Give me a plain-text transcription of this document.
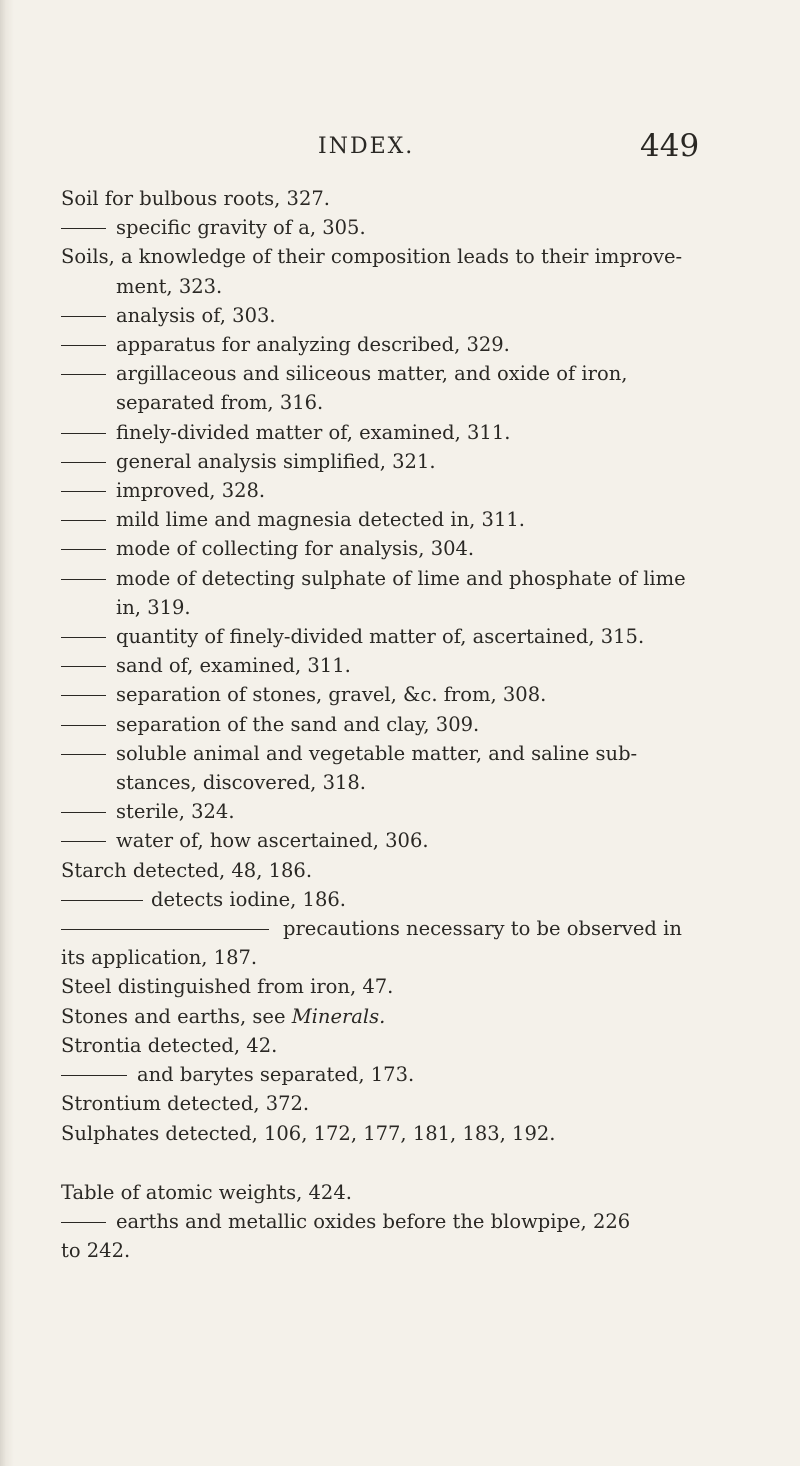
INDEX.	449
Soil for bulbous roots, 327.
specific gravity of a, 305.
Soils, a knowledge of their composition leads to their improve-
ment, 323.
analysis of, 303.
apparatus for analyzing described, 329.
argillaceous and siliceous matter, and oxide of iron,
separated from, 316.
finely-divided matter of, examined, 311.
general analysis simplified, 321.
improved, 328.
mild lime and magnesia detected in, 311.
mode of collecting for analysis, 304.
mode of detecting sulphate of lime and phosphate of lime
in, 319.
quantity of finely-divided matter of, ascertained, 315.
sand of, examined, 311.
separation of stones, gravel, &c. from, 308.
separation of the sand and clay, 309.
soluble animal and vegetable matter, and saline sub-
stances, discovered, 318.
sterile, 324.
water of, how ascertained, 306.
Starch detected, 48, 186.
detects iodine, 186.
precautions necessary to be observed in
its application, 187.
Steel distinguished from iron, 47.
Stones and earths, see Minerals.
Strontia detected, 42.
and barytes separated, 173.
Strontium detected, 372.
Sulphates detected, 106, 172, 177, 181, 183, 192.
Table of atomic weights, 424.
earths and metallic oxides before the blowpipe, 226
to 242.
